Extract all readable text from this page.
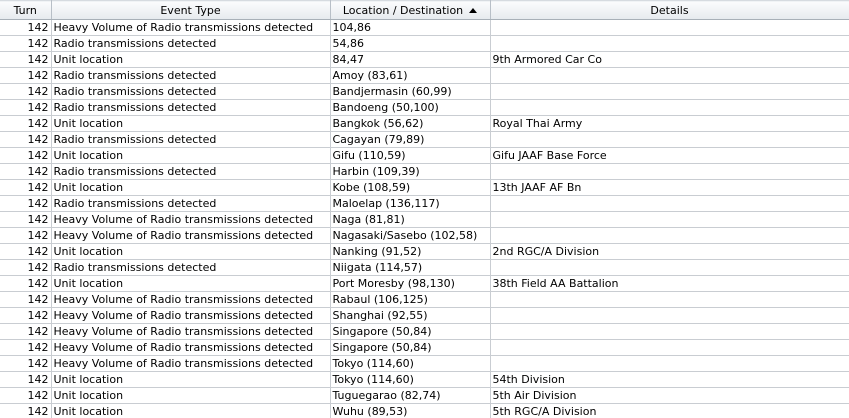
Turn	Event Type	Location / Destination	Details
142	Heavy Volume of Radio transmissions detected	104,86	
142	Radio transmissions detected	54,86	
142	Unit location	84,47	9th Armored Car Co
142	Radio transmissions detected	Amoy (83,61)	
142	Radio transmissions detected	Bandjermasin (60,99)	
142	Radio transmissions detected	Bandoeng (50,100)	
142	Unit location	Bangkok (56,62)	Royal Thai Army
142	Radio transmissions detected	Cagayan (79,89)	
142	Unit location	Gifu (110,59)	Gifu JAAF Base Force
142	Radio transmissions detected	Harbin (109,39)	
142	Unit location	Kobe (108,59)	13th JAAF AF Bn
142	Radio transmissions detected	Maloelap (136,117)	
142	Heavy Volume of Radio transmissions detected	Naga (81,81)	
142	Heavy Volume of Radio transmissions detected	Nagasaki/Sasebo (102,58)	
142	Unit location	Nanking (91,52)	2nd RGC/A Division
142	Radio transmissions detected	Niigata (114,57)	
142	Unit location	Port Moresby (98,130)	38th Field AA Battalion
142	Heavy Volume of Radio transmissions detected	Rabaul (106,125)	
142	Heavy Volume of Radio transmissions detected	Shanghai (92,55)	
142	Heavy Volume of Radio transmissions detected	Singapore (50,84)	
142	Heavy Volume of Radio transmissions detected	Singapore (50,84)	
142	Heavy Volume of Radio transmissions detected	Tokyo (114,60)	
142	Unit location	Tokyo (114,60)	54th Division
142	Unit location	Tuguegarao (82,74)	5th Air Division
142	Unit location	Wuhu (89,53)	5th RGC/A Division
